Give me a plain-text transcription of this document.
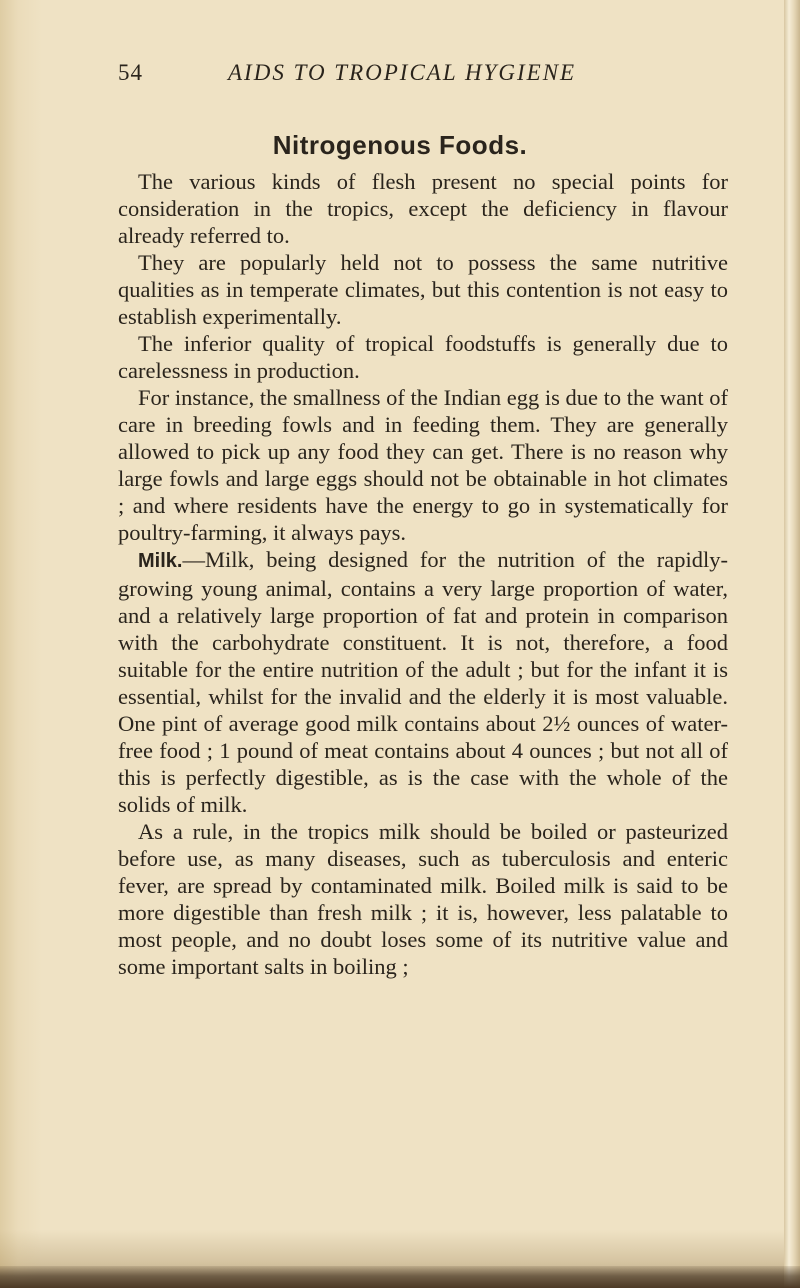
54	AIDS TO TROPICAL HYGIENE
Nitrogenous Foods.

The various kinds of flesh present no special points for consideration in the tropics, except the deficiency in flavour already referred to.

They are popularly held not to possess the same nutritive qualities as in temperate climates, but this contention is not easy to establish experimentally.

The inferior quality of tropical foodstuffs is generally due to carelessness in production.

For instance, the smallness of the Indian egg is due to the want of care in breeding fowls and in feeding them. They are generally allowed to pick up any food they can get. There is no reason why large fowls and large eggs should not be obtainable in hot climates ; and where residents have the energy to go in systematically for poultry-farming, it always pays.

Milk.—Milk, being designed for the nutrition of the rapidly-growing young animal, contains a very large proportion of water, and a relatively large proportion of fat and protein in comparison with the carbohydrate constituent. It is not, therefore, a food suitable for the entire nutrition of the adult ; but for the infant it is essential, whilst for the invalid and the elderly it is most valuable. One pint of average good milk contains about 2½ ounces of water-free food ; 1 pound of meat contains about 4 ounces ; but not all of this is perfectly digestible, as is the case with the whole of the solids of milk.

As a rule, in the tropics milk should be boiled or pasteurized before use, as many diseases, such as tuberculosis and enteric fever, are spread by contaminated milk. Boiled milk is said to be more digestible than fresh milk ; it is, however, less palatable to most people, and no doubt loses some of its nutritive value and some important salts in boiling ;
